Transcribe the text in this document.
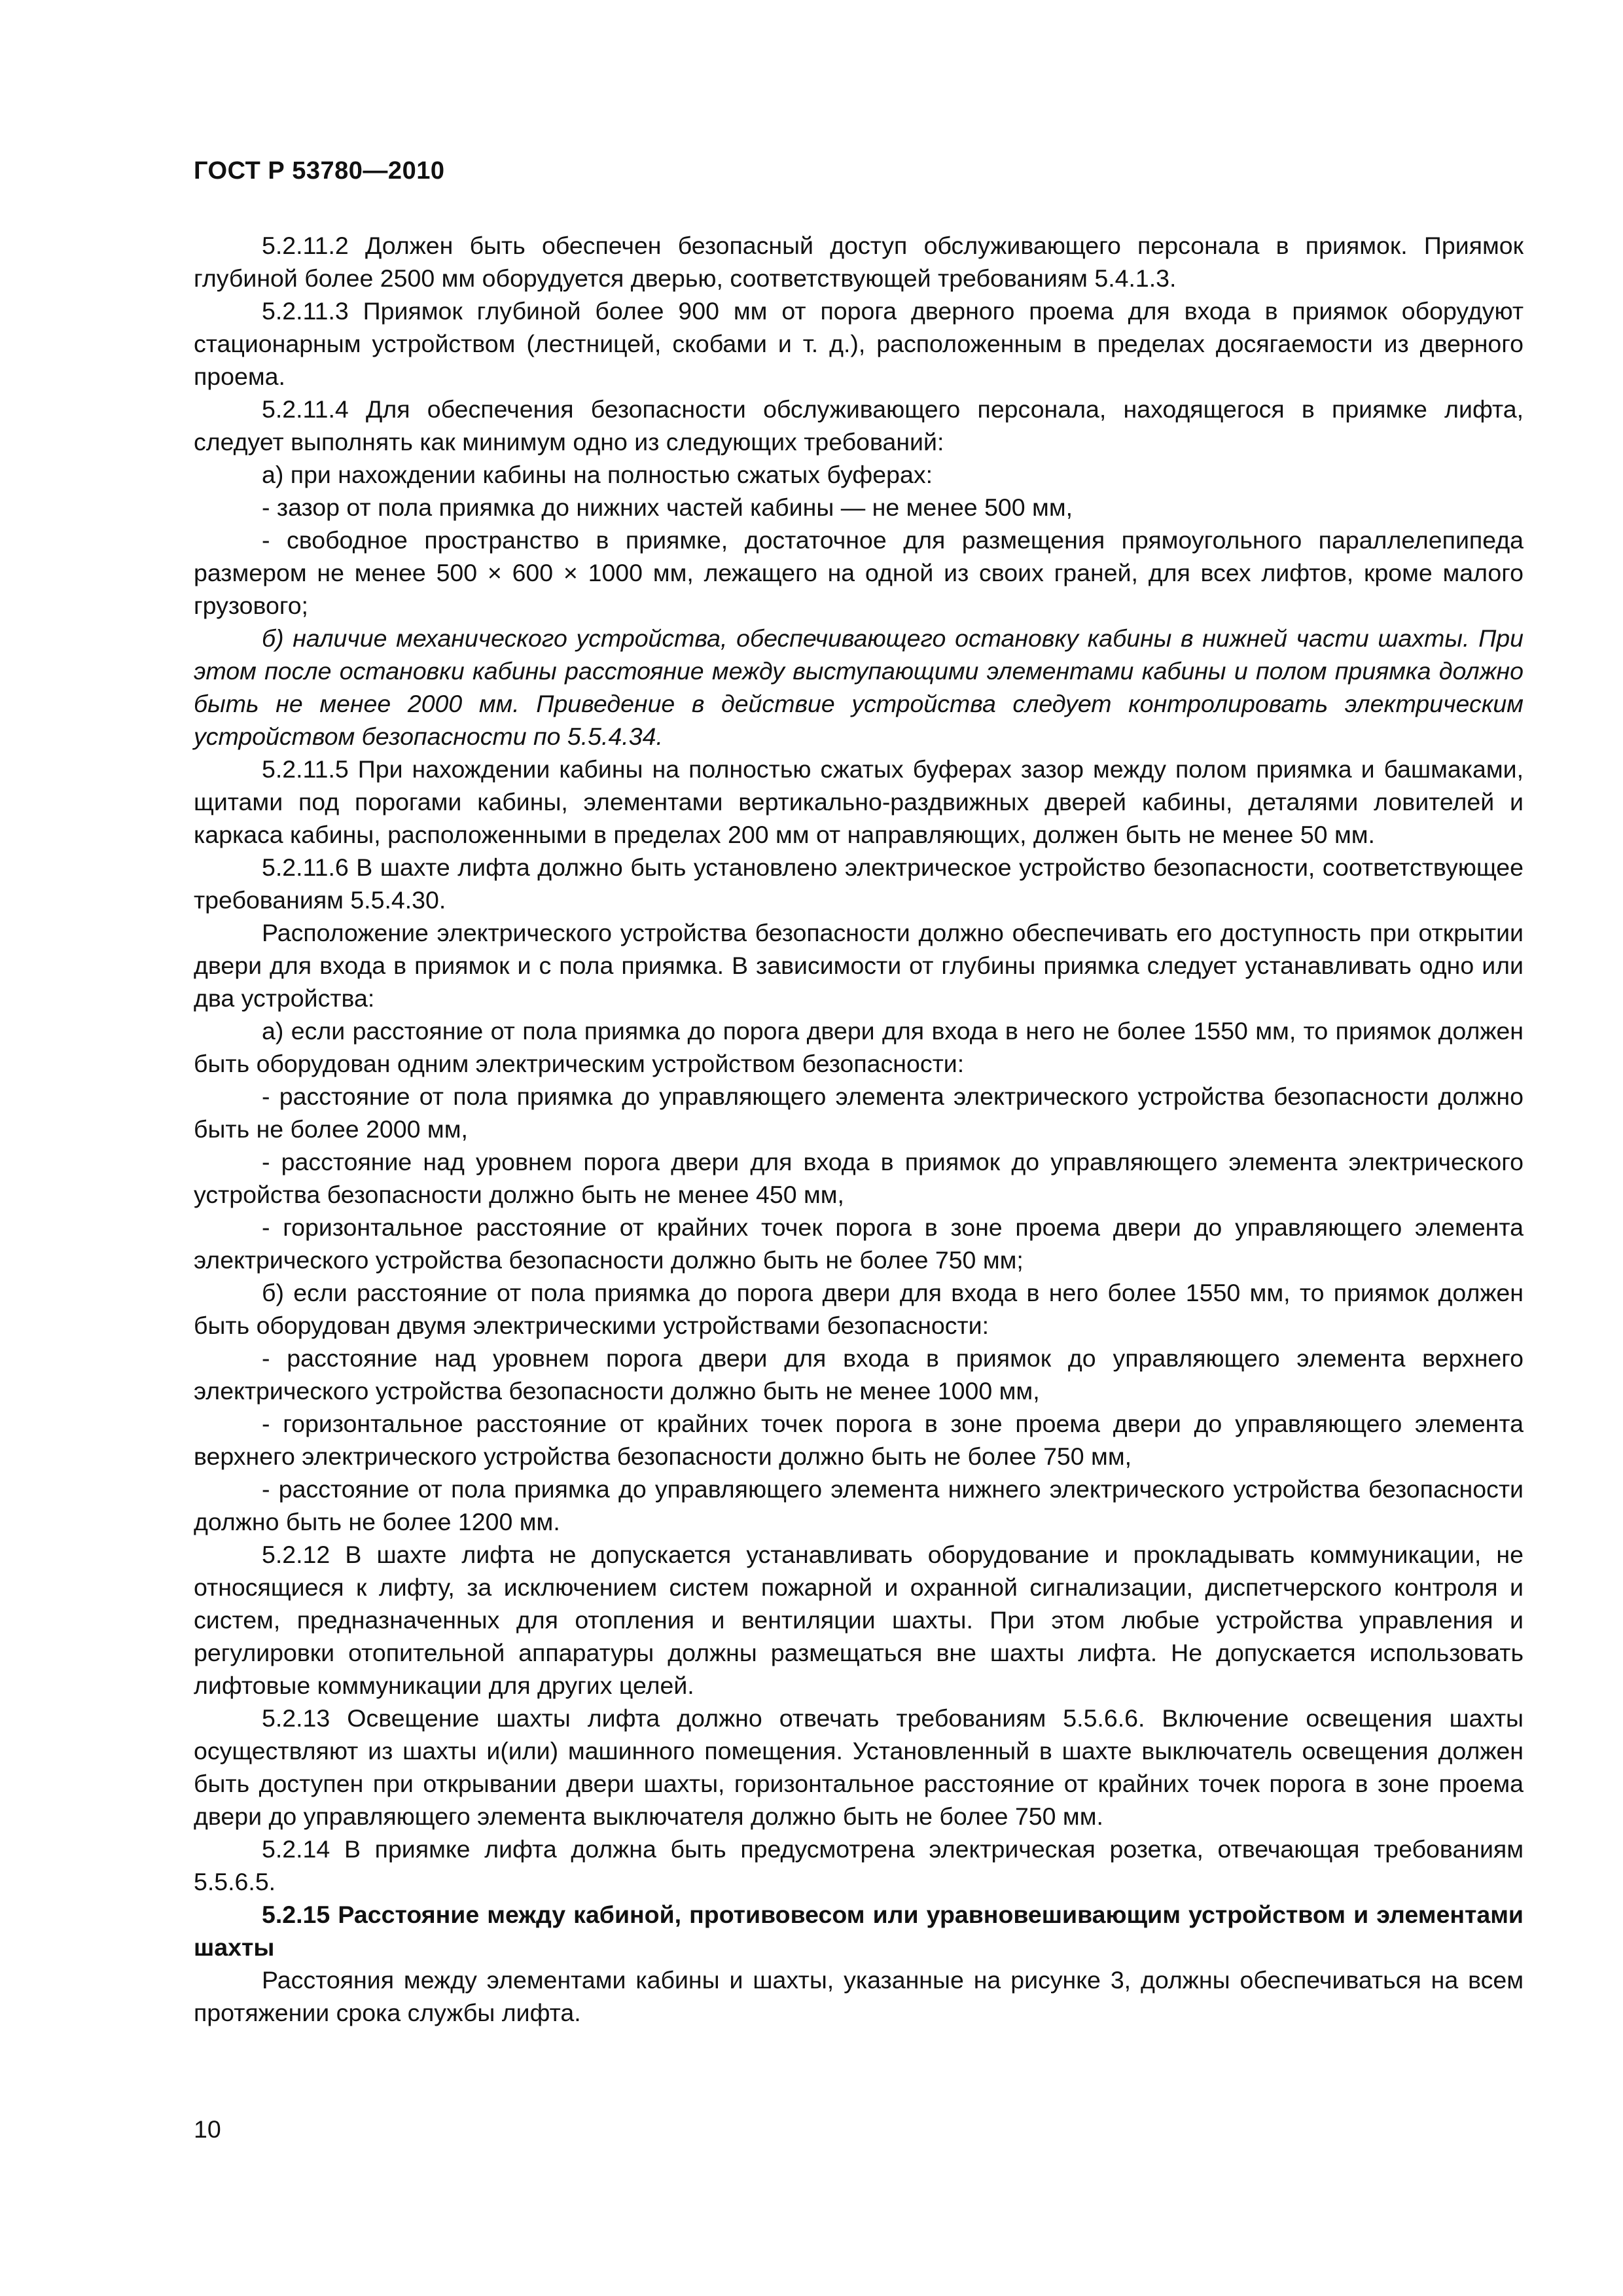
ГОСТ Р 53780—2010

5.2.11.2 Должен быть обеспечен безопасный доступ обслуживающего персонала в приямок. Приямок глубиной более 2500 мм оборудуется дверью, соответствующей требованиям 5.4.1.3.

5.2.11.3 Приямок глубиной более 900 мм от порога дверного проема для входа в приямок оборудуют стационарным устройством (лестницей, скобами и т. д.), расположенным в пределах досягаемости из дверного проема.

5.2.11.4 Для обеспечения безопасности обслуживающего персонала, находящегося в приямке лифта, следует выполнять как минимум одно из следующих требований:

а) при нахождении кабины на полностью сжатых буферах:

- зазор от пола приямка до нижних частей кабины — не менее 500 мм,

- свободное пространство в приямке, достаточное для размещения прямоугольного параллелепипеда размером не менее 500 × 600 × 1000 мм, лежащего на одной из своих граней, для всех лифтов, кроме малого грузового;

б) наличие механического устройства, обеспечивающего остановку кабины в нижней части шахты. При этом после остановки кабины расстояние между выступающими элементами кабины и полом приямка должно быть не менее 2000 мм. Приведение в действие устройства следует контролировать электрическим устройством безопасности по 5.5.4.34.

5.2.11.5 При нахождении кабины на полностью сжатых буферах зазор между полом приямка и башмаками, щитами под порогами кабины, элементами вертикально-раздвижных дверей кабины, деталями ловителей и каркаса кабины, расположенными в пределах 200 мм от направляющих, должен быть не менее 50 мм.

5.2.11.6 В шахте лифта должно быть установлено электрическое устройство безопасности, соответствующее требованиям 5.5.4.30.

Расположение электрического устройства безопасности должно обеспечивать его доступность при открытии двери для входа в приямок и с пола приямка. В зависимости от глубины приямка следует устанавливать одно или два устройства:

а) если расстояние от пола приямка до порога двери для входа в него не более 1550 мм, то приямок должен быть оборудован одним электрическим устройством безопасности:

- расстояние от пола приямка до управляющего элемента электрического устройства безопасности должно быть не более 2000 мм,

- расстояние над уровнем порога двери для входа в приямок до управляющего элемента электрического устройства безопасности должно быть не менее 450 мм,

- горизонтальное расстояние от крайних точек порога в зоне проема двери до управляющего элемента электрического устройства безопасности должно быть не более 750 мм;

б) если расстояние от пола приямка до порога двери для входа в него более 1550 мм, то приямок должен быть оборудован двумя электрическими устройствами безопасности:

- расстояние над уровнем порога двери для входа в приямок до управляющего элемента верхнего электрического устройства безопасности должно быть не менее 1000 мм,

- горизонтальное расстояние от крайних точек порога в зоне проема двери до управляющего элемента верхнего электрического устройства безопасности должно быть не более 750 мм,

- расстояние от пола приямка до управляющего элемента нижнего электрического устройства безопасности должно быть не более 1200 мм.

5.2.12 В шахте лифта не допускается устанавливать оборудование и прокладывать коммуникации, не относящиеся к лифту, за исключением систем пожарной и охранной сигнализации, диспетчерского контроля и систем, предназначенных для отопления и вентиляции шахты. При этом любые устройства управления и регулировки отопительной аппаратуры должны размещаться вне шахты лифта. Не допускается использовать лифтовые коммуникации для других целей.

5.2.13 Освещение шахты лифта должно отвечать требованиям 5.5.6.6. Включение освещения шахты осуществляют из шахты и(или) машинного помещения. Установленный в шахте выключатель освещения должен быть доступен при открывании двери шахты, горизонтальное расстояние от крайних точек порога в зоне проема двери до управляющего элемента выключателя должно быть не более 750 мм.

5.2.14 В приямке лифта должна быть предусмотрена электрическая розетка, отвечающая требованиям 5.5.6.5.

5.2.15 Расстояние между кабиной, противовесом или уравновешивающим устройством и элементами шахты

Расстояния между элементами кабины и шахты, указанные на рисунке 3, должны обеспечиваться на всем протяжении срока службы лифта.

10
